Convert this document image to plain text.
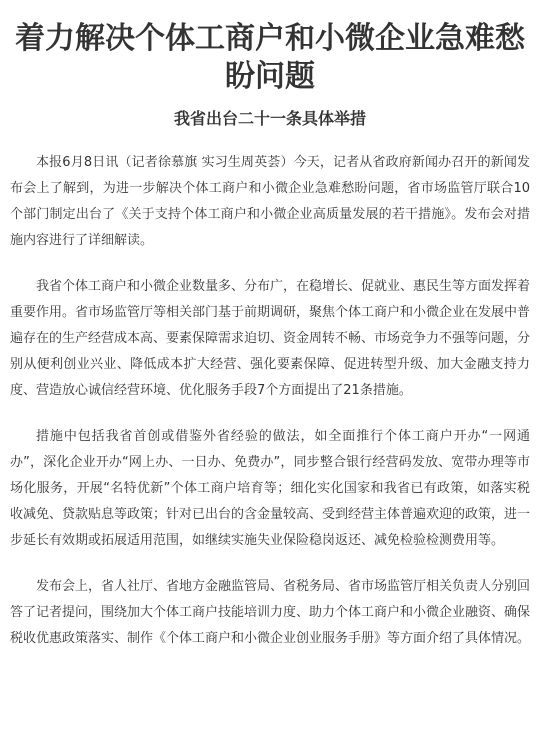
着力解决个体工商户和小微企业急难愁盼问题
我省出台二十一条具体举措

本报6月8日讯（记者徐慕旗 实习生周英荟）今天，记者从省政府新闻办召开的新闻发布会上了解到，为进一步解决个体工商户和小微企业急难愁盼问题，省市场监管厅联合10个部门制定出台了《关于支持个体工商户和小微企业高质量发展的若干措施》。发布会对措施内容进行了详细解读。

我省个体工商户和小微企业数量多、分布广，在稳增长、促就业、惠民生等方面发挥着重要作用。省市场监管厅等相关部门基于前期调研，聚焦个体工商户和小微企业在发展中普遍存在的生产经营成本高、要素保障需求迫切、资金周转不畅、市场竞争力不强等问题，分别从便利创业兴业、降低成本扩大经营、强化要素保障、促进转型升级、加大金融支持力度、营造放心诚信经营环境、优化服务手段7个方面提出了21条措施。

措施中包括我省首创或借鉴外省经验的做法，如全面推行个体工商户开办“一网通办”，深化企业开办“网上办、一日办、免费办”，同步整合银行经营码发放、宽带办理等市场化服务，开展“名特优新”个体工商户培育等；细化实化国家和我省已有政策，如落实税收减免、贷款贴息等政策；针对已出台的含金量较高、受到经营主体普遍欢迎的政策，进一步延长有效期或拓展适用范围，如继续实施失业保险稳岗返还、减免检验检测费用等。

发布会上，省人社厅、省地方金融监管局、省税务局、省市场监管厅相关负责人分别回答了记者提问，围绕加大个体工商户技能培训力度、助力个体工商户和小微企业融资、确保税收优惠政策落实、制作《个体工商户和小微企业创业服务手册》等方面介绍了具体情况。
